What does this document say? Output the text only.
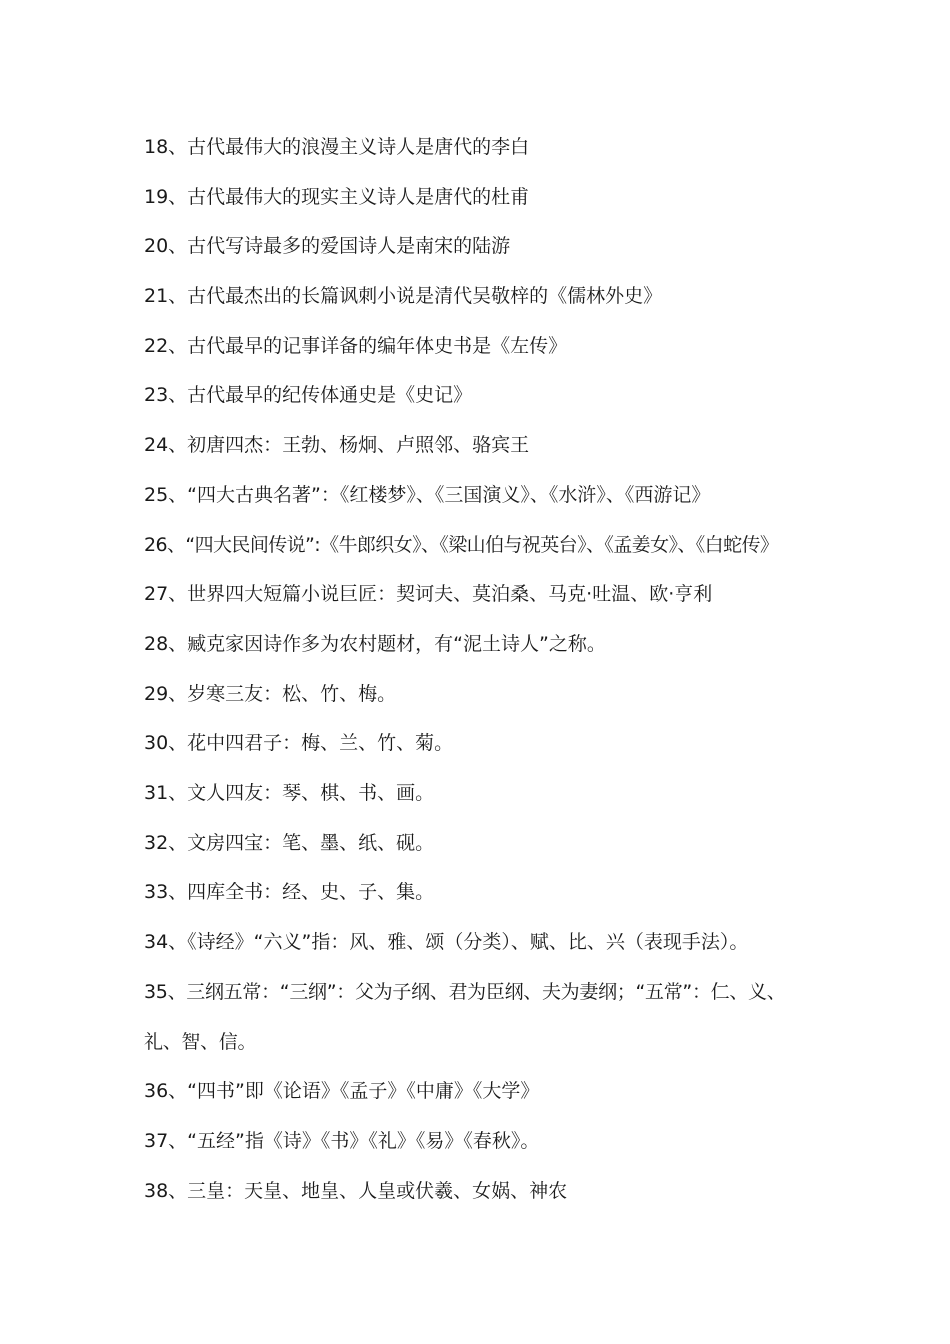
18、古代最伟大的浪漫主义诗人是唐代的李白
19、古代最伟大的现实主义诗人是唐代的杜甫
20、古代写诗最多的爱国诗人是南宋的陆游
21、古代最杰出的长篇讽刺小说是清代吴敬梓的《儒林外史》
22、古代最早的记事详备的编年体史书是《左传》
23、古代最早的纪传体通史是《史记》
24、初唐四杰：王勃、杨炯、卢照邻、骆宾王
25、“四大古典名著”：《红楼梦》、《三国演义》、《水浒》、《西游记》
26、“四大民间传说”:《牛郎织女》、《梁山伯与祝英台》、《孟姜女》、《白蛇传》
27、世界四大短篇小说巨匠：契诃夫、莫泊桑、马克·吐温、欧·亨利
28、臧克家因诗作多为农村题材，有“泥土诗人”之称。
29、岁寒三友：松、竹、梅。
30、花中四君子：梅、兰、竹、菊。
31、文人四友：琴、棋、书、画。
32、文房四宝：笔、墨、纸、砚。
33、四库全书：经、史、子、集。
34、《诗经》“六义”指：风、雅、颂（分类）、赋、比、兴（表现手法）。
35、三纲五常：“三纲”：父为子纲、君为臣纲、夫为妻纲；“五常”：仁、义、礼、智、信。
36、“四书”即《论语》《孟子》《中庸》《大学》
37、“五经”指《诗》《书》《礼》《易》《春秋》。
38、三皇：天皇、地皇、人皇或伏羲、女娲、神农
